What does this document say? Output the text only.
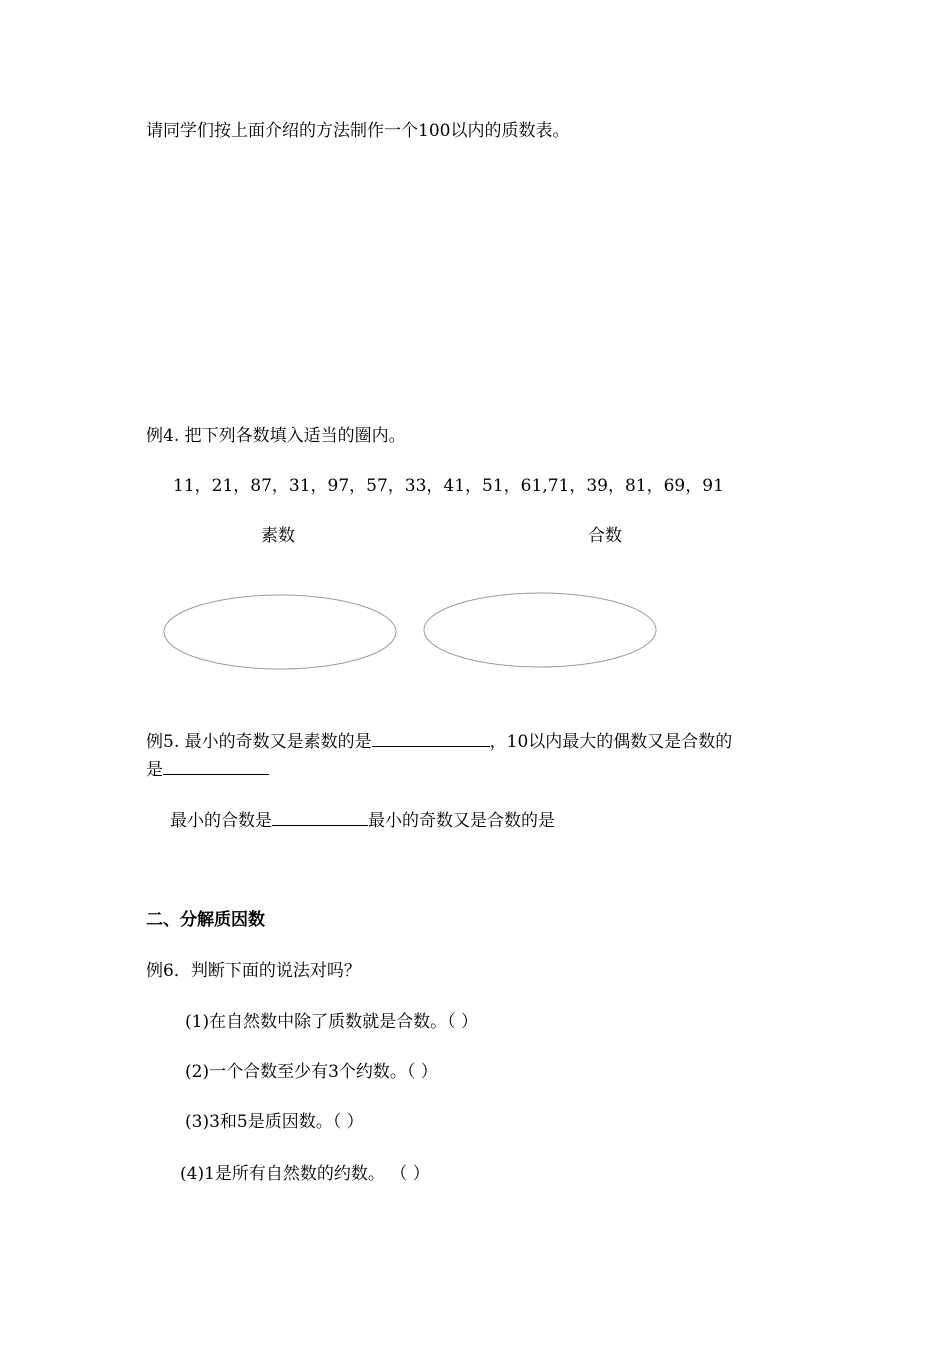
请同学们按上面介绍的方法制作一个100以内的质数表。
例4. 把下列各数填入适当的圈内。
11，21，87，31，97，57，33，41，51，61,71，39，81，69，91
素数	合数
例5. 最小的奇数又是素数的是	，10以内最大的偶数又是合数的
是
最小的合数是	最小的奇数又是合数的是
二、分解质因数
例6．判断下面的说法对吗？
(1)在自然数中除了质数就是合数。（ ）
(2)一个合数至少有3个约数。（ ）
(3)3和5是质因数。（ ）
(4)1是所有自然数的约数。 （ ）
